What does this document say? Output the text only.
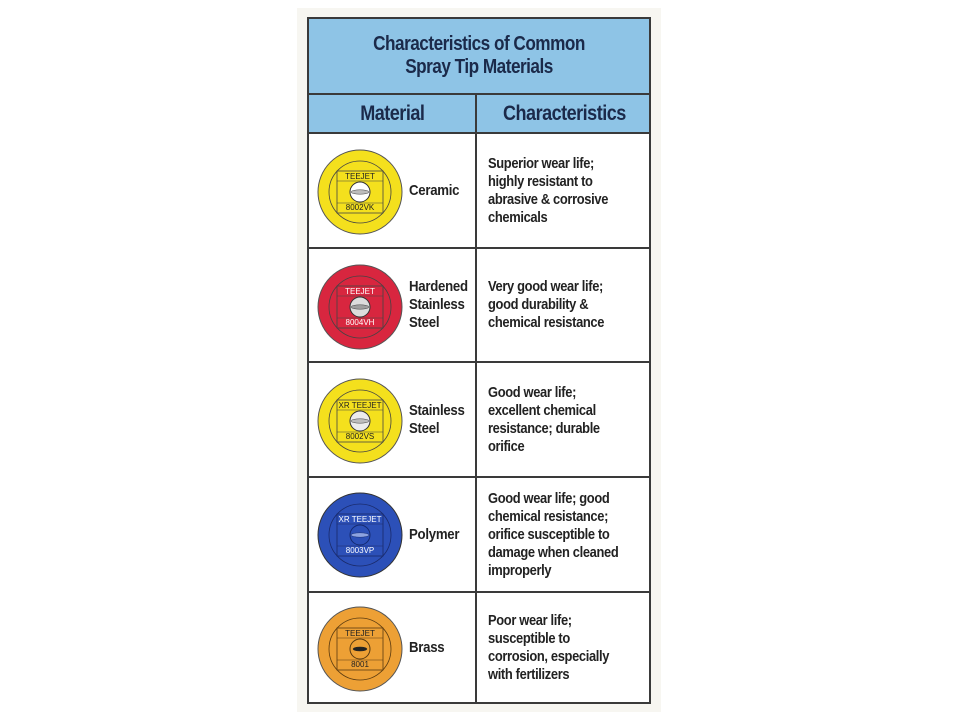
Characteristics of Common
Spray Tip Materials
Material	Characteristics
TEEJET
8002VK
Ceramic
Superior wear life; highly resistant to abrasive & corrosive chemicals
TEEJET
8004VH
Hardened Stainless Steel
Very good wear life; good durability & chemical resistance
XR TEEJET
8002VS
Stainless Steel
Good wear life; excellent chemical resistance; durable orifice
XR TEEJET
8003VP
Polymer
Good wear life; good chemical resistance; orifice susceptible to damage when cleaned improperly
TEEJET
8001
Brass
Poor wear life; susceptible to corrosion, especially with fertilizers
